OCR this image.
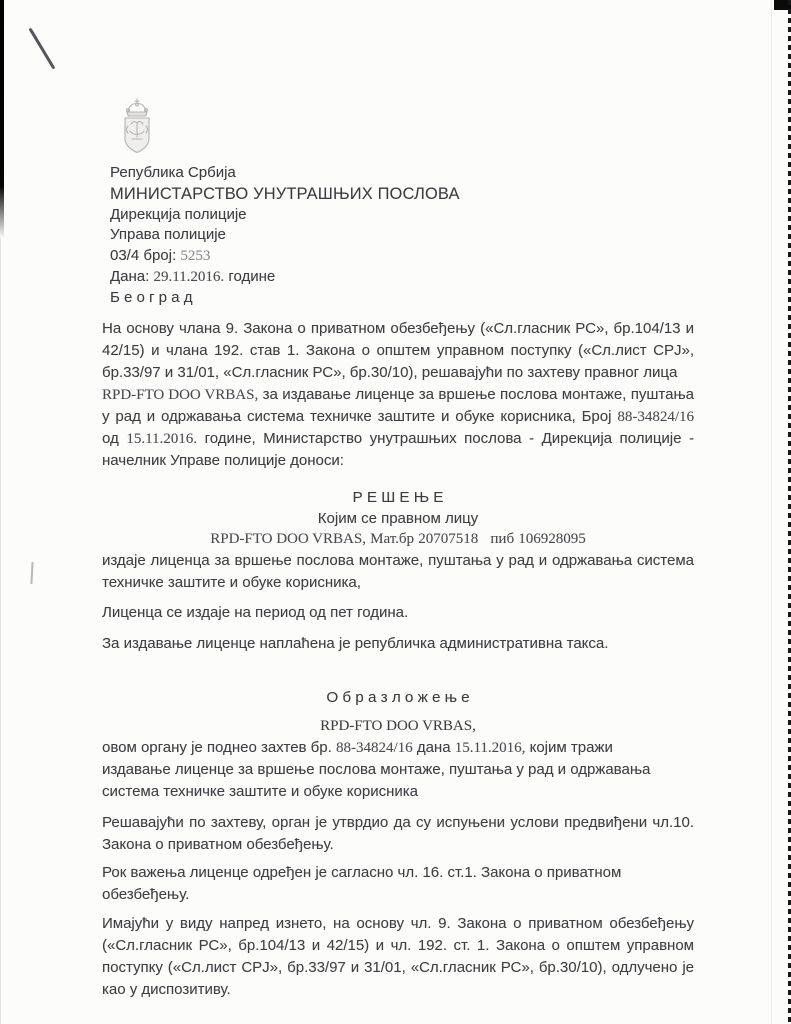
Република Србија
МИНИСТАРСТВО УНУТРАШЊИХ ПОСЛОВА
Дирекција полиције
Управа полиције
03/4 број: 5253
Дана: 29.11.2016. године
Б е о г р а д

На основу члана 9. Закона о приватном обезбеђењу («Сл.гласник РС», бр.104/13 и 42/15) и члана 192. став 1. Закона о општем управном поступку («Сл.лист СРЈ», бр.33/97 и 31/01, «Сл.гласник РС», бр.30/10), решавајући по захтеву правног лица

RPD-FTO DOO VRBAS, за издавање лиценце за вршење послова монтаже, пуштања у рад и одржавања система техничке заштите и обуке корисника, Број 88-34824/16 од 15.11.2016. године, Министарство унутрашњих послова - Дирекција полиције - начелник Управе полиције доноси:

Р Е Ш Е Њ Е

Којим се правном лицу

RPD-FTO DOO VRBAS, Мат.бр 20707518 пиб 106928095

издаје лиценца за вршење послова монтаже, пуштања у рад и одржавања система техничке заштите и обуке корисника,

Лиценца се издаје на период од пет година.

За издавање лиценце наплаћена је републичка административна такса.

О б р а з л о ж е њ е

RPD-FTO DOO VRBAS,

овом органу је поднео захтев бр. 88-34824/16 дана 15.11.2016, којим тражи
издавање лиценце за вршење послова монтаже, пуштања у рад и одржавања
система техничке заштите и обуке корисника

Решавајући по захтеву, орган је утврдио да су испуњени услови предвиђени чл.10. Закона о приватном обезбеђењу.

Рок важења лиценце одређен је сагласно чл. 16. ст.1. Закона о приватном обезбеђењу.

Имајући у виду напред изнето, на основу чл. 9. Закона о приватном обезбеђењу («Сл.гласник РС», бр.104/13 и 42/15) и чл. 192. ст. 1. Закона о општем управном поступку («Сл.лист СРЈ», бр.33/97 и 31/01, «Сл.гласник РС», бр.30/10), одлучено је као у диспозитиву.
